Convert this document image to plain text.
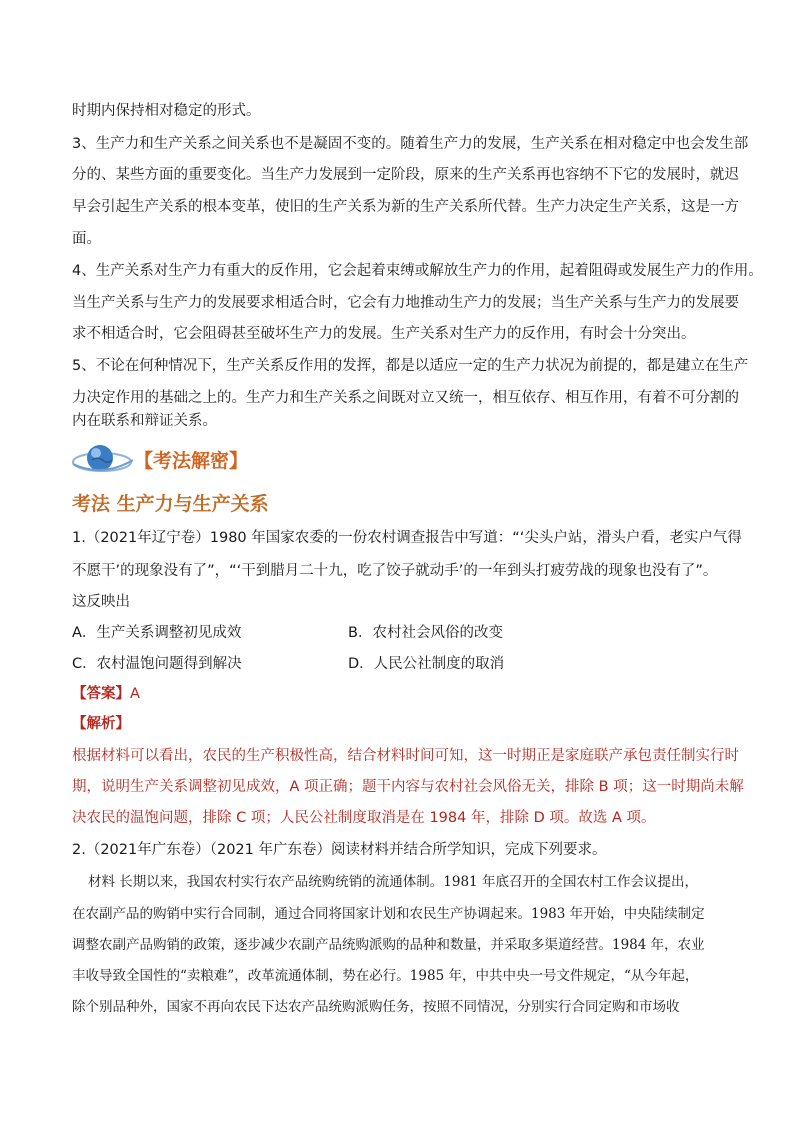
时期内保持相对稳定的形式。
3、生产力和生产关系之间关系也不是凝固不变的。随着生产力的发展，生产关系在相对稳定中也会发生部
分的、某些方面的重要变化。当生产力发展到一定阶段，原来的生产关系再也容纳不下它的发展时，就迟
早会引起生产关系的根本变革，使旧的生产关系为新的生产关系所代替。生产力决定生产关系，这是一方
面。
4、生产关系对生产力有重大的反作用，它会起着束缚或解放生产力的作用，起着阻碍或发展生产力的作用。
当生产关系与生产力的发展要求相适合时，它会有力地推动生产力的发展；当生产关系与生产力的发展要
求不相适合时，它会阻碍甚至破坏生产力的发展。生产关系对生产力的反作用，有时会十分突出。
5、不论在何种情况下，生产关系反作用的发挥，都是以适应一定的生产力状况为前提的，都是建立在生产
力决定作用的基础之上的。生产力和生产关系之间既对立又统一，相互依存、相互作用，有着不可分割的
内在联系和辩证关系。
【考法解密】
考法 生产力与生产关系
1.（2021年辽宁卷）1980 年国家农委的一份农村调查报告中写道：“‘尖头户站，滑头户看，老实户气得
不愿干’的现象没有了”，“‘干到腊月二十九，吃了饺子就动手’的一年到头打疲劳战的现象也没有了”。
这反映出
A．生产关系调整初见成效	B．农村社会风俗的改变
C．农村温饱问题得到解决	D．人民公社制度的取消
【答案】A
【解析】
根据材料可以看出，农民的生产积极性高，结合材料时间可知，这一时期正是家庭联产承包责任制实行时
期，说明生产关系调整初见成效，A 项正确；题干内容与农村社会风俗无关，排除 B 项；这一时期尚未解
决农民的温饱问题，排除 C 项；人民公社制度取消是在 1984 年，排除 D 项。故选 A 项。
2.（2021年广东卷）（2021 年广东卷）阅读材料并结合所学知识，完成下列要求。
材料 长期以来，我国农村实行农产品统购统销的流通体制。1981 年底召开的全国农村工作会议提出，
在农副产品的购销中实行合同制，通过合同将国家计划和农民生产协调起来。1983 年开始，中央陆续制定
调整农副产品购销的政策，逐步减少农副产品统购派购的品种和数量，并采取多渠道经营。1984 年，农业
丰收导致全国性的“卖粮难”，改革流通体制，势在必行。1985 年，中共中央一号文件规定，“从今年起，
除个别品种外，国家不再向农民下达农产品统购派购任务，按照不同情况，分别实行合同定购和市场收
